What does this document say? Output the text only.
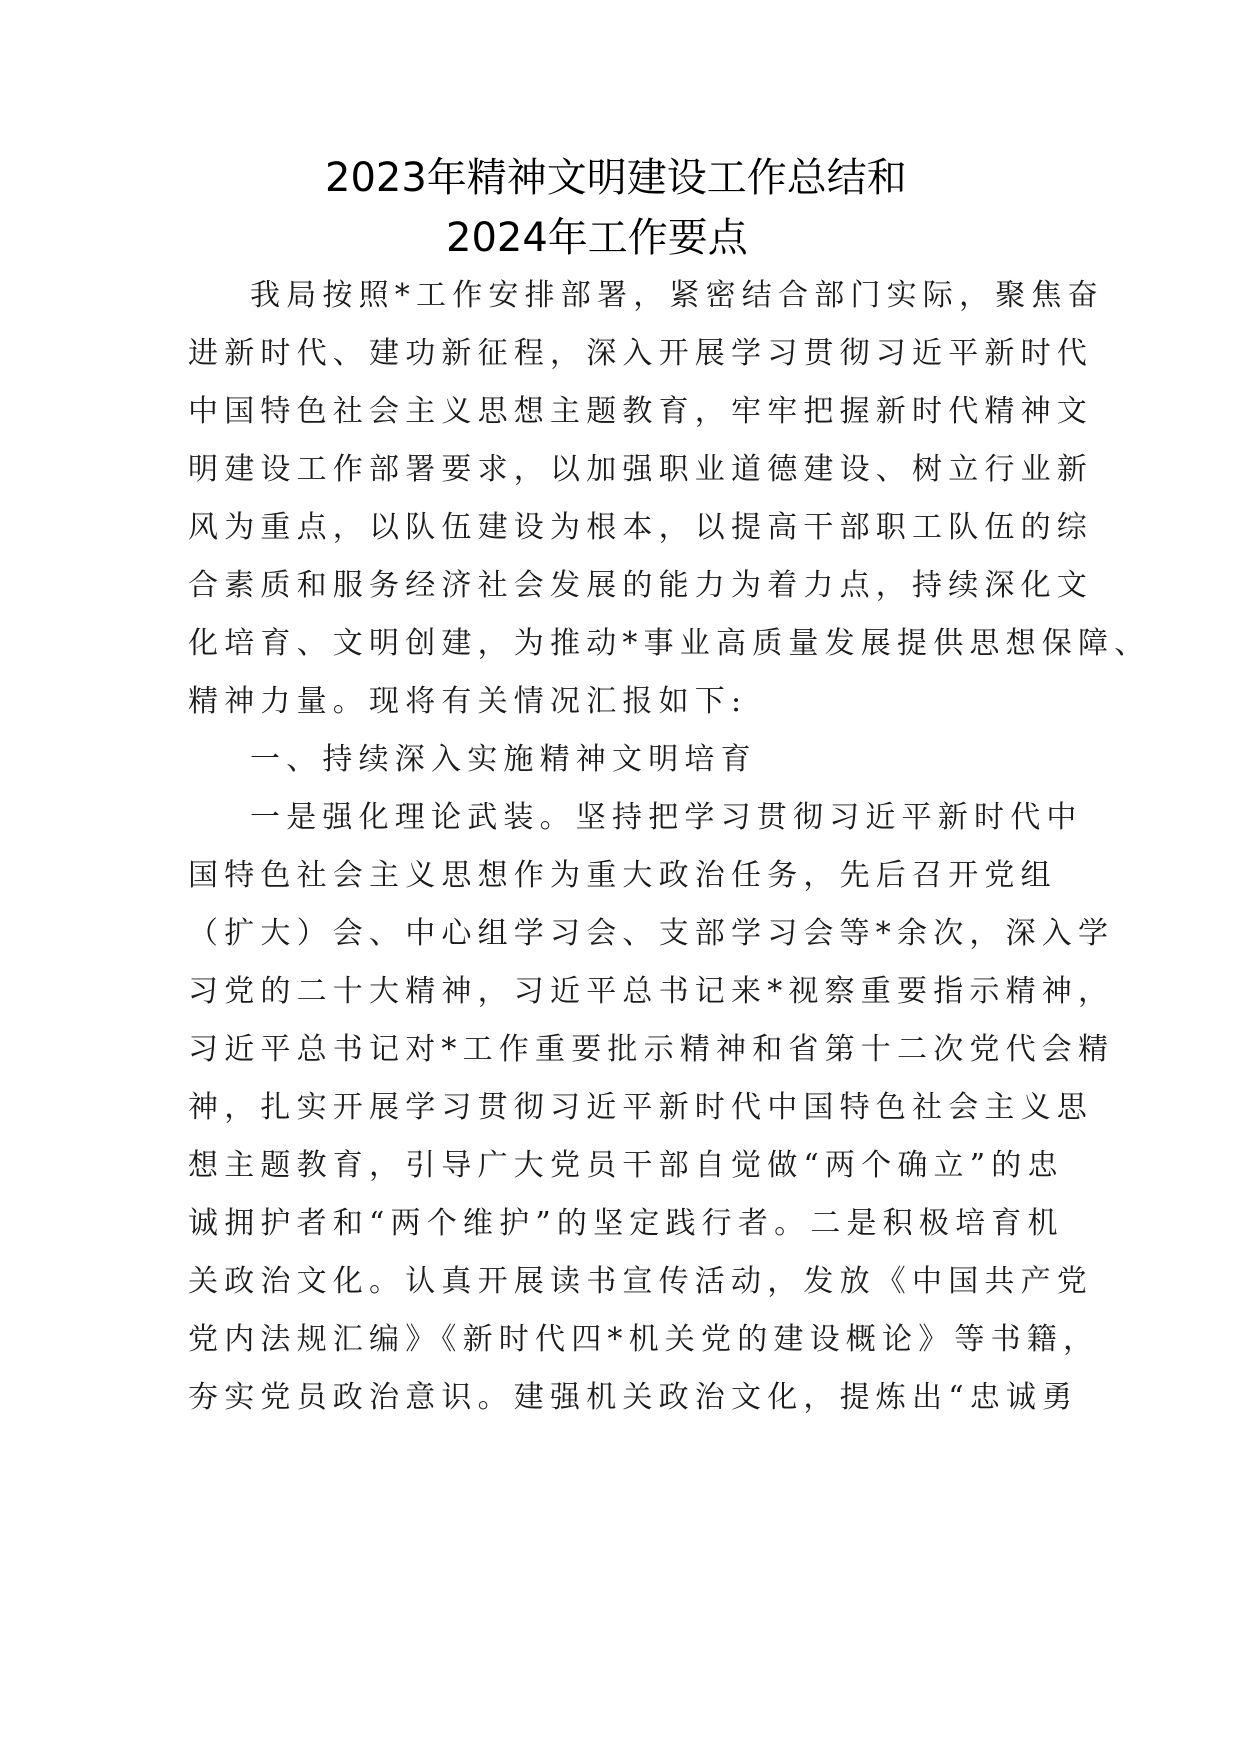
2023年精神文明建设工作总结和
2024年工作要点
我局按照*工作安排部署，紧密结合部门实际，聚焦奋
进新时代、建功新征程，深入开展学习贯彻习近平新时代
中国特色社会主义思想主题教育，牢牢把握新时代精神文
明建设工作部署要求，以加强职业道德建设、树立行业新
风为重点，以队伍建设为根本，以提高干部职工队伍的综
合素质和服务经济社会发展的能力为着力点，持续深化文
化培育、文明创建，为推动*事业高质量发展提供思想保障、
精神力量。现将有关情况汇报如下:
一、持续深入实施精神文明培育
一是强化理论武装。坚持把学习贯彻习近平新时代中
国特色社会主义思想作为重大政治任务，先后召开党组
（扩大）会、中心组学习会、支部学习会等*余次，深入学
习党的二十大精神，习近平总书记来*视察重要指示精神，
习近平总书记对*工作重要批示精神和省第十二次党代会精
神，扎实开展学习贯彻习近平新时代中国特色社会主义思
想主题教育，引导广大党员干部自觉做“两个确立”的忠
诚拥护者和“两个维护”的坚定践行者。二是积极培育机
关政治文化。认真开展读书宣传活动，发放《中国共产党
党内法规汇编》《新时代四*机关党的建设概论》等书籍，
夯实党员政治意识。建强机关政治文化，提炼出“忠诚勇
